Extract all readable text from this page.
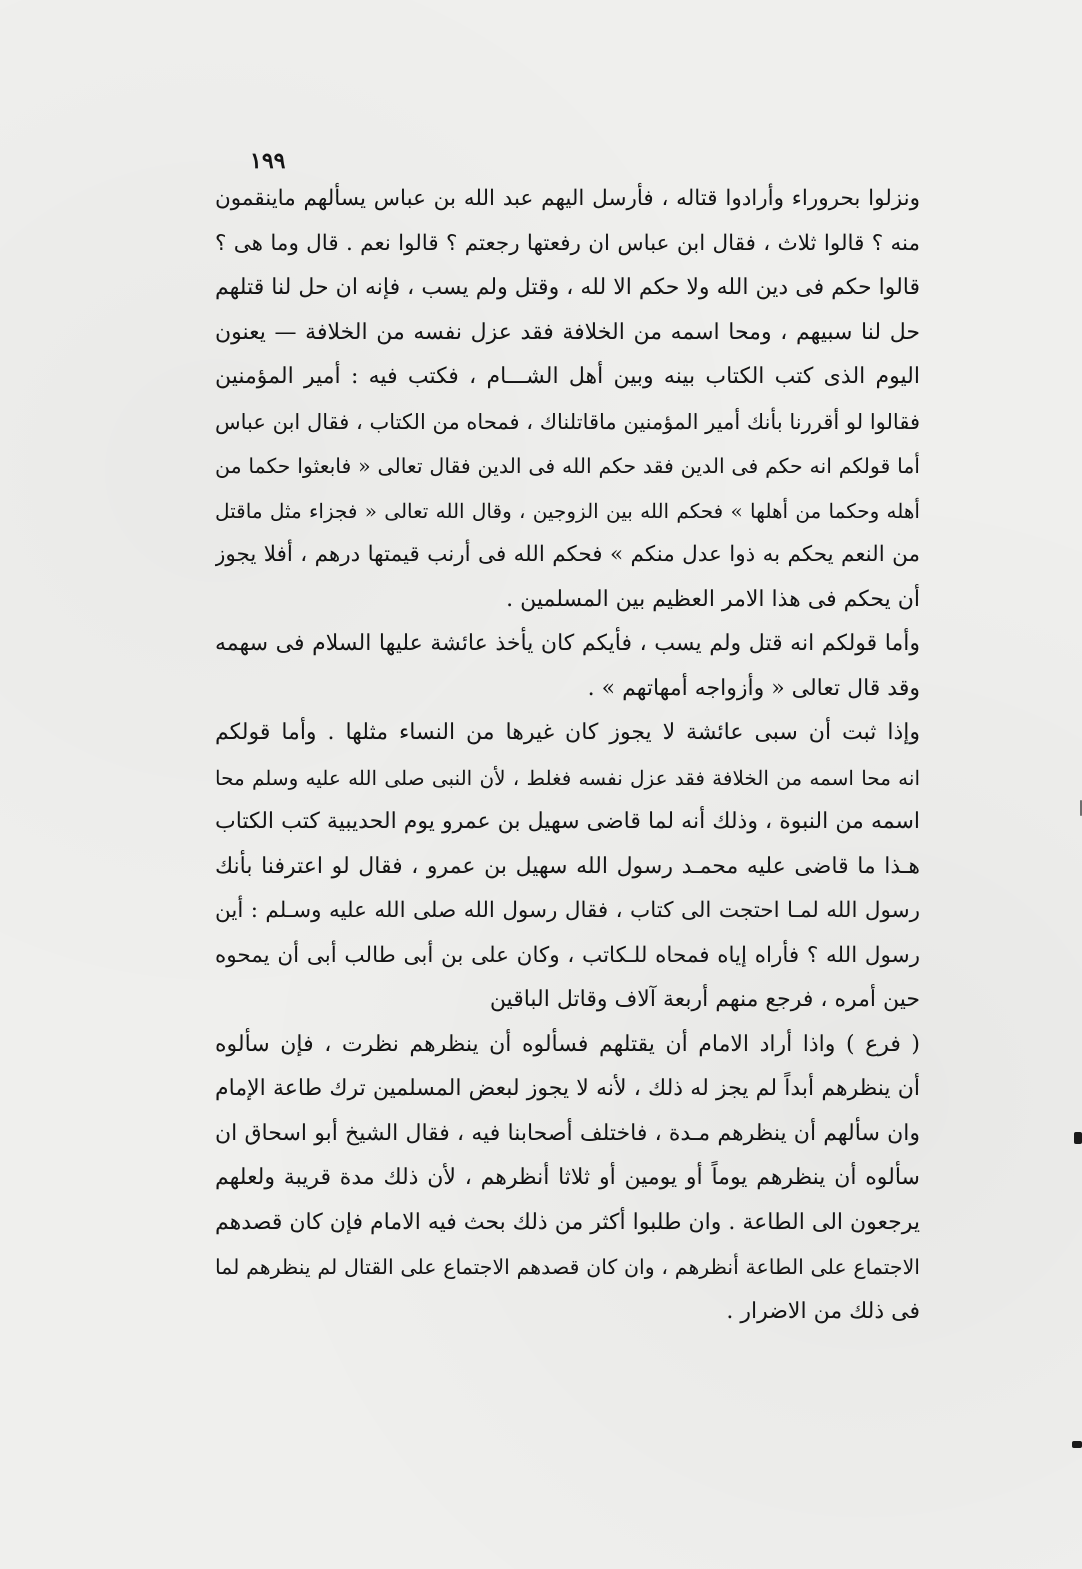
١٩٩
ونزلوا بحروراء وأرادوا قتاله ، فأرسل اليهم عبد الله بن عباس يسألهم ماينقمون
منه ؟ قالوا ثلاث ، فقال ابن عباس ان رفعتها رجعتم ؟ قالوا نعم . قال وما هى ؟
قالوا حكم فى دين الله ولا حكم الا لله ، وقتل ولم يسب ، فإنه ان حل لنا قتلهم
حل لنا سبيهم ، ومحا اسمه من الخلافة فقد عزل نفسه من الخلافة — يعنون
اليوم الذى كتب الكتاب بينه وبين أهل الشـــام ، فكتب فيه : أمير المؤمنين
فقالوا لو أقررنا بأنك أمير المؤمنين ماقاتلناك ، فمحاه من الكتاب ، فقال ابن عباس
أما قولكم انه حكم فى الدين فقد حكم الله فى الدين فقال تعالى « فابعثوا حكما من
أهله وحكما من أهلها » فحكم الله بين الزوجين ، وقال الله تعالى « فجزاء مثل ماقتل
من النعم يحكم به ذوا عدل منكم » فحكم الله فى أرنب قيمتها درهم ، أفلا يجوز
أن يحكم فى هذا الامر العظيم بين المسلمين .
وأما قولكم انه قتل ولم يسب ، فأيكم كان يأخذ عائشة عليها السلام فى سهمه
وقد قال تعالى « وأزواجه أمهاتهم » .
وإذا ثبت أن سبى عائشة لا يجوز كان غيرها من النساء مثلها . وأما قولكم
انه محا اسمه من الخلافة فقد عزل نفسه فغلط ، لأن النبى صلى الله عليه وسلم محا
اسمه من النبوة ، وذلك أنه لما قاضى سهيل بن عمرو يوم الحديبية كتب الكتاب
هـذا ما قاضى عليه محمـد رسول الله سهيل بن عمرو ، فقال لو اعترفنا بأنك
رسول الله لمـا احتجت الى كتاب ، فقال رسول الله صلى الله عليه وسـلم : أين
رسول الله ؟ فأراه إياه فمحاه للـكاتب ، وكان على بن أبى طالب أبى أن يمحوه
حين أمره ، فرجع منهم أربعة آلاف وقاتل الباقين
( فرع ) واذا أراد الامام أن يقتلهم فسألوه أن ينظرهم نظرت ، فإن سألوه
أن ينظرهم أبداً لم يجز له ذلك ، لأنه لا يجوز لبعض المسلمين ترك طاعة الإمام
وان سألهم أن ينظرهم مـدة ، فاختلف أصحابنا فيه ، فقال الشيخ أبو اسحاق ان
سألوه أن ينظرهم يوماً أو يومين أو ثلاثا أنظرهم ، لأن ذلك مدة قريبة ولعلهم
يرجعون الى الطاعة . وان طلبوا أكثر من ذلك بحث فيه الامام فإن كان قصدهم
الاجتماع على الطاعة أنظرهم ، وان كان قصدهم الاجتماع على القتال لم ينظرهم لما
فى ذلك من الاضرار .
